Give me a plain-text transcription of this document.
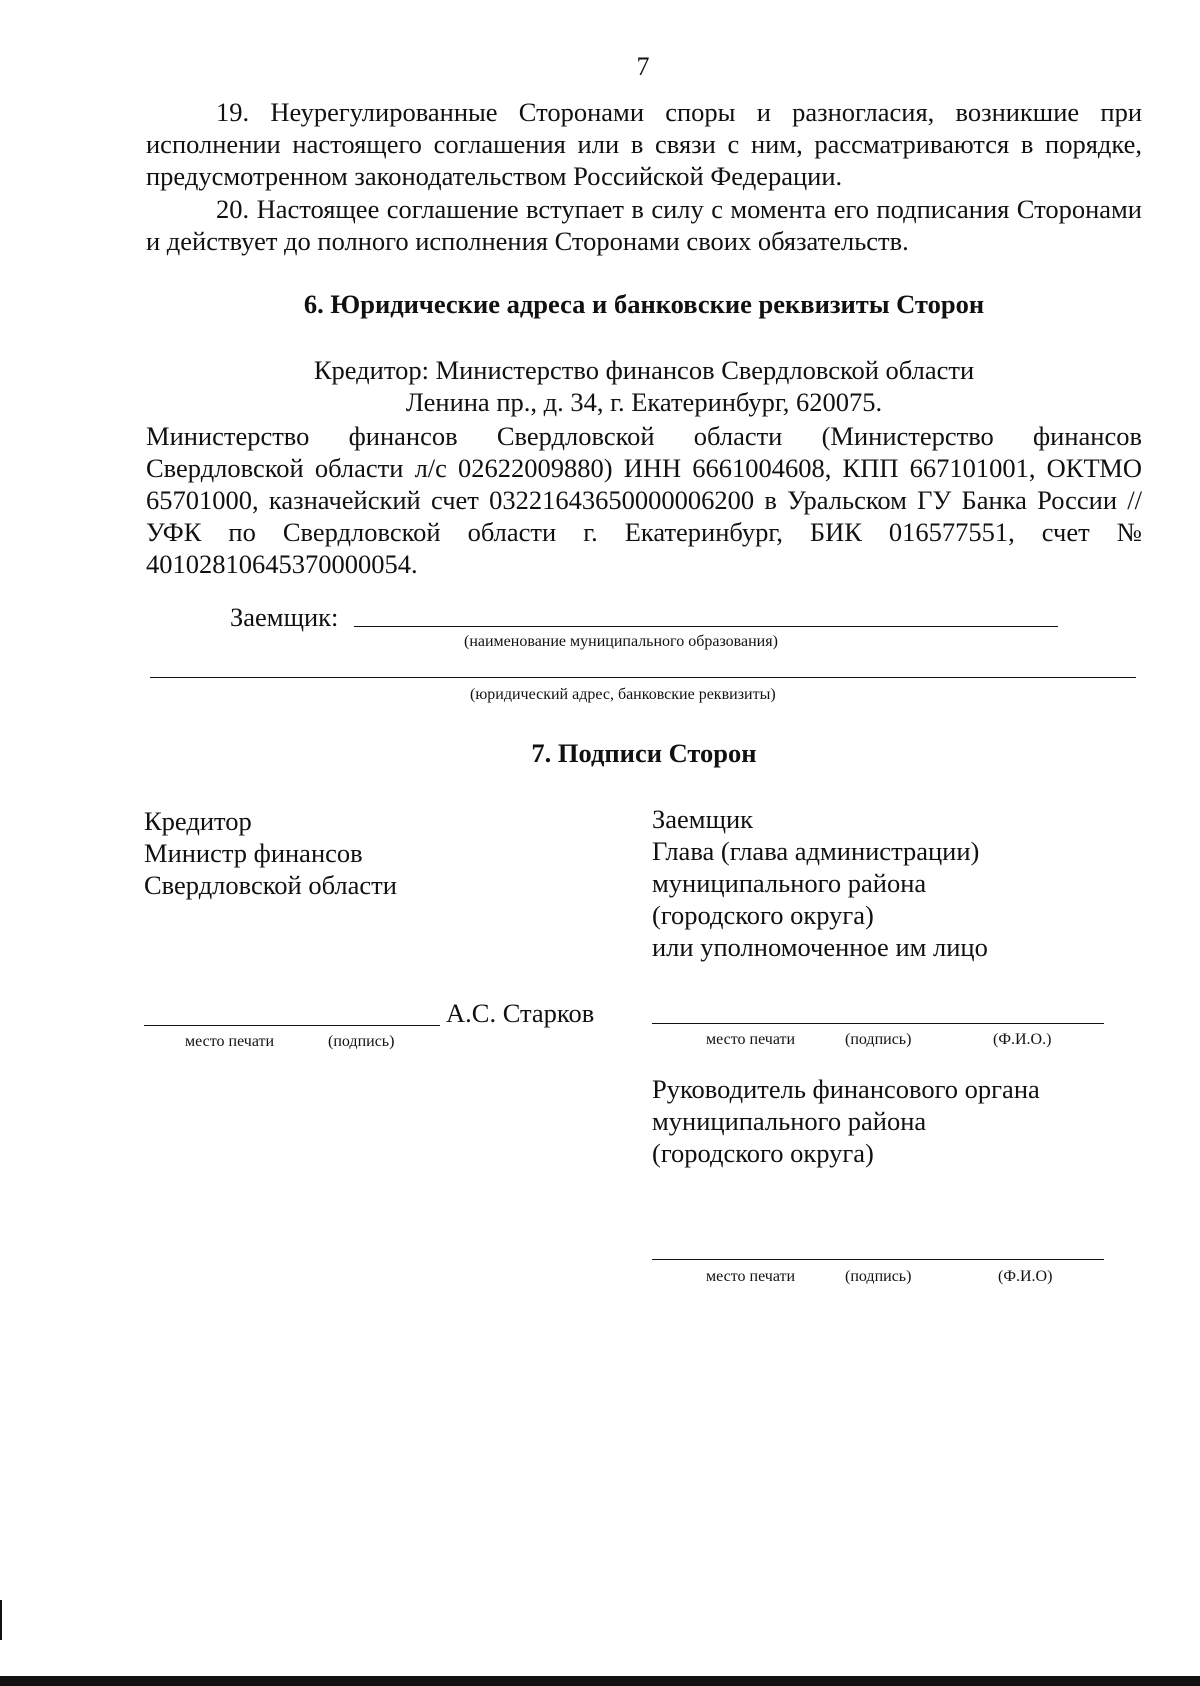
7

19. Неурегулированные Сторонами споры и разногласия, возникшие при исполнении настоящего соглашения или в связи с ним, рассматриваются в порядке, предусмотренном законодательством Российской Федерации.

20. Настоящее соглашение вступает в силу с момента его подписания Сторонами и действует до полного исполнения Сторонами своих обязательств.

6. Юридические адреса и банковские реквизиты Сторон
Кредитор: Министерство финансов Свердловской области
Ленина пр., д. 34, г. Екатеринбург, 620075.

Министерство финансов Свердловской области (Министерство финансов Свердловской области л/с 02622009880) ИНН 6661004608, КПП 667101001, ОКТМО 65701000, казначейский счет 03221643650000006200 в Уральском ГУ Банка России //УФК по Свердловской области г. Екатеринбург, БИК 016577551, счет № 40102810645370000054.

Заемщик:
(наименование муниципального образования)
(юридический адрес, банковские реквизиты)
7. Подписи Сторон
Кредитор
Министр финансов
Свердловской области
Заемщик
Глава (глава администрации)
муниципального района
(городского округа)
или уполномоченное им лицо
А.С. Старков
место печати	(подпись)	место печати	(подпись)	(Ф.И.О.)
Руководитель финансового органа
муниципального района
(городского округа)
место печати	(подпись)	(Ф.И.О)
